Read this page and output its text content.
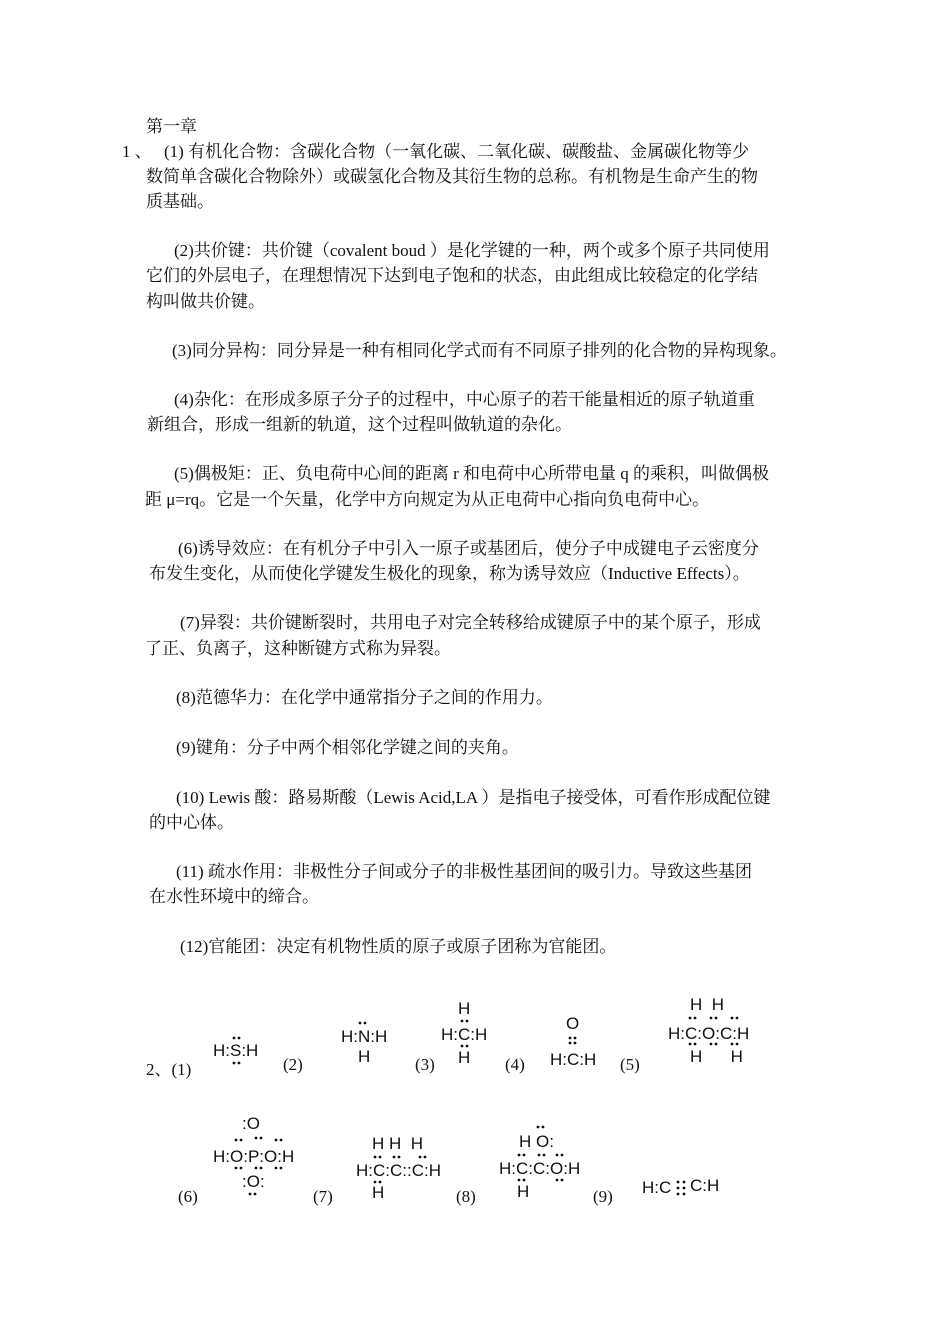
第一章
1 、 (1) 有机化合物：含碳化合物（一氧化碳、二氧化碳、碳酸盐、金属碳化物等少
数简单含碳化合物除外）或碳氢化合物及其衍生物的总称。有机物是生命产生的物
质基础。
(2)共价键：共价键（covalent boud ）是化学键的一种，两个或多个原子共同使用
它们的外层电子，在理想情况下达到电子饱和的状态，由此组成比较稳定的化学结
构叫做共价键。
(3)同分异构：同分异是一种有相同化学式而有不同原子排列的化合物的异构现象。
(4)杂化：在形成多原子分子的过程中，中心原子的若干能量相近的原子轨道重
新组合，形成一组新的轨道，这个过程叫做轨道的杂化。
(5)偶极矩：正、负电荷中心间的距离 r 和电荷中心所带电量 q 的乘积，叫做偶极
距 μ=rq。它是一个矢量，化学中方向规定为从正电荷中心指向负电荷中心。
(6)诱导效应：在有机分子中引入一原子或基团后，使分子中成键电子云密度分
布发生变化，从而使化学键发生极化的现象，称为诱导效应（Inductive Effects）。
(7)异裂：共价键断裂时，共用电子对完全转移给成键原子中的某个原子，形成
了正、负离子，这种断键方式称为异裂。
(8)范德华力：在化学中通常指分子之间的作用力。
(9)键角：分子中两个相邻化学键之间的夹角。
(10) Lewis 酸：路易斯酸（Lewis Acid,LA ）是指电子接受体，可看作形成配位键
的中心体。
(11) 疏水作用：非极性分子间或分子的非极性基团间的吸引力。导致这些基团
在水性环境中的缔合。
(12)官能团：决定有机物性质的原子或原子团称为官能团。
2、(1)	(2)	(3)	(4)	(5)
(6)	(7)	(8)	(9)
H:S:H
H:N:H
H
H
H:C:H
H
O
H:C:H
H  H
H:C:O:C:H
H      H
:O
H:O:P:O:H
:O:
H H  H
H:C:C::C:H
H
H O:
H:C:C:O:H
H	H:C C:H
